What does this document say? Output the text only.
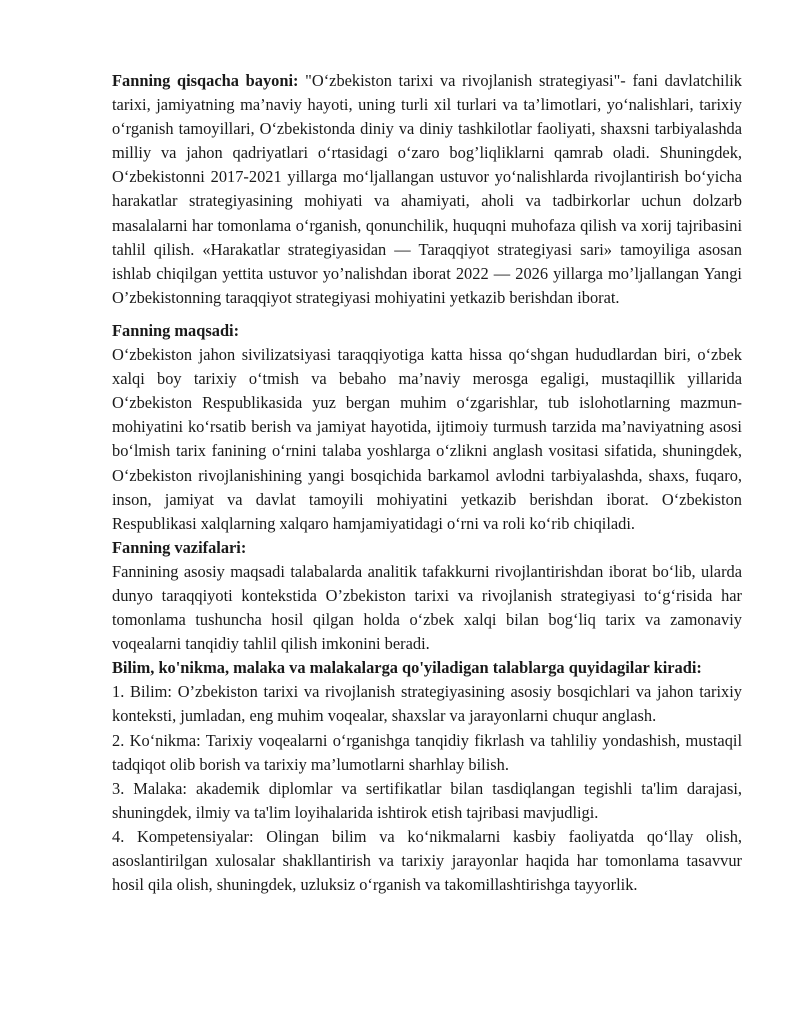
Fanning qisqacha bayoni: "O‘zbekiston tarixi va rivojlanish strategiyasi"- fani davlatchilik tarixi, jamiyatning ma’naviy hayoti, uning turli xil turlari va ta’limotlari, yo‘nalishlari, tarixiy o‘rganish tamoyillari, O‘zbekistonda diniy va diniy tashkilotlar faoliyati, shaxsni tarbiyalashda milliy va jahon qadriyatlari o‘rtasidagi o‘zaro bog’liqliklarni qamrab oladi. Shuningdek, O‘zbekistonni 2017-2021 yillarga mo‘ljallangan ustuvor yo‘nalishlarda rivojlantirish bo‘yicha harakatlar strategiyasining mohiyati va ahamiyati, aholi va tadbirkorlar uchun dolzarb masalalarni har tomonlama o‘rganish, qonunchilik, huquqni muhofaza qilish va xorij tajribasini tahlil qilish. «Harakatlar strategiyasidan — Taraqqiyot strategiyasi sari» tamoyiliga asosan ishlab chiqilgan yettita ustuvor yo’nalishdan iborat 2022 — 2026 yillarga mo’ljallangan Yangi O’zbekistonning taraqqiyot strategiyasi mohiyatini yetkazib berishdan iborat.

Fanning maqsadi:

O‘zbekiston jahon sivilizatsiyasi taraqqiyotiga katta hissa qo‘shgan hududlardan biri, o‘zbek xalqi boy tarixiy o‘tmish va bebaho ma’naviy merosga egaligi, mustaqillik yillarida O‘zbekiston Respublikasida yuz bergan muhim o‘zgarishlar, tub islohotlarning mazmun-mohiyatini ko‘rsatib berish va jamiyat hayotida, ijtimoiy turmush tarzida ma’naviyatning asosi bo‘lmish tarix fanining o‘rnini talaba yoshlarga o‘zlikni anglash vositasi sifatida, shuningdek, O‘zbekiston rivojlanishining yangi bosqichida barkamol avlodni tarbiyalashda, shaxs, fuqaro, inson, jamiyat va davlat tamoyili mohiyatini yetkazib berishdan iborat. O‘zbekiston Respublikasi xalqlarning xalqaro hamjamiyatidagi o‘rni va roli ko‘rib chiqiladi.

Fanning vazifalari:

Fannining asosiy maqsadi talabalarda analitik tafakkurni rivojlantirishdan iborat bo‘lib, ularda dunyo taraqqiyoti kontekstida O’zbekiston tarixi va rivojlanish strategiyasi to‘g‘risida har tomonlama tushuncha hosil qilgan holda o‘zbek xalqi bilan bog‘liq tarix va zamonaviy voqealarni tanqidiy tahlil qilish imkonini beradi.

Bilim, ko'nikma, malaka va malakalarga qo'yiladigan talablarga quyidagilar kiradi:

1. Bilim: O’zbekiston tarixi va rivojlanish strategiyasining asosiy bosqichlari va jahon tarixiy konteksti, jumladan, eng muhim voqealar, shaxslar va jarayonlarni chuqur anglash.

2. Ko‘nikma: Tarixiy voqealarni o‘rganishga tanqidiy fikrlash va tahliliy yondashish, mustaqil tadqiqot olib borish va tarixiy ma’lumotlarni sharhlay bilish.

3. Malaka: akademik diplomlar va sertifikatlar bilan tasdiqlangan tegishli ta'lim darajasi, shuningdek, ilmiy va ta'lim loyihalarida ishtirok etish tajribasi mavjudligi.

4. Kompetensiyalar: Olingan bilim va ko‘nikmalarni kasbiy faoliyatda qo‘llay olish, asoslantirilgan xulosalar shakllantirish va tarixiy jarayonlar haqida har tomonlama tasavvur hosil qila olish, shuningdek, uzluksiz o‘rganish va takomillashtirishga tayyorlik.
